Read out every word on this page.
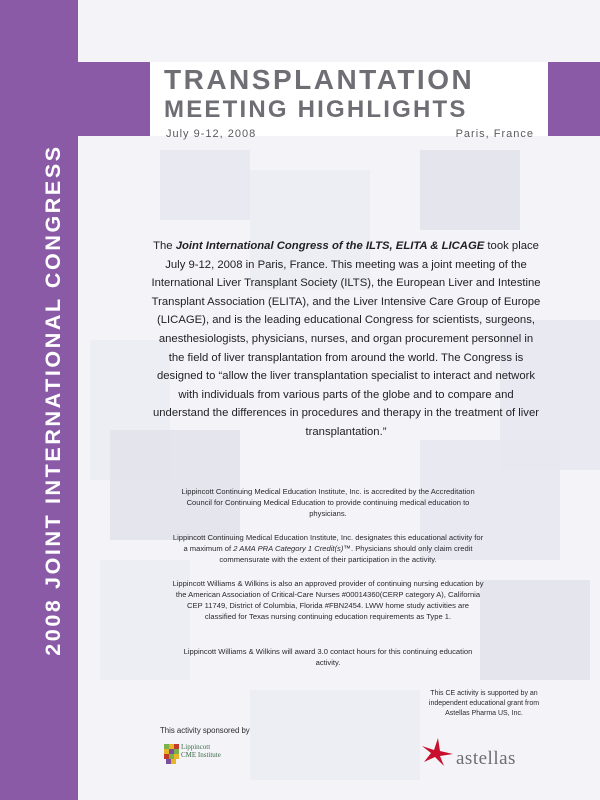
2008 JOINT INTERNATIONAL CONGRESS
TRANSPLANTATION
MEETING HIGHLIGHTS
July 9-12, 2008	Paris, France
The Joint International Congress of the ILTS, ELITA & LICAGE took place July 9-12, 2008 in Paris, France. This meeting was a joint meeting of the International Liver Transplant Society (ILTS), the European Liver and Intestine Transplant Association (ELITA), and the Liver Intensive Care Group of Europe (LICAGE), and is the leading educational Congress for scientists, surgeons, anesthesiologists, physicians, nurses, and organ procurement personnel in the field of liver transplantation from around the world. The Congress is designed to “allow the liver transplantation specialist to interact and network with individuals from various parts of the globe and to compare and understand the differences in procedures and therapy in the treatment of liver transplantation.”
Lippincott Continuing Medical Education Institute, Inc. is accredited by the Accreditation Council for Continuing Medical Education to provide continuing medical education to physicians.
Lippincott Continuing Medical Education Institute, Inc. designates this educational activity for a maximum of 2 AMA PRA Category 1 Credit(s)™. Physicians should only claim credit commensurate with the extent of their participation in the activity.
Lippincott Williams & Wilkins is also an approved provider of continuing nursing education by the American Association of Critical-Care Nurses #00014360(CERP category A), California CEP 11749, District of Columbia, Florida #FBN2454. LWW home study activities are classified for Texas nursing continuing education requirements as Type 1.
Lippincott Williams & Wilkins will award 3.0 contact hours for this continuing education activity.
This CE activity is supported by an independent educational grant from Astellas Pharma US, Inc.
This activity sponsored by
Lippincott
CME Institute
	astellas
